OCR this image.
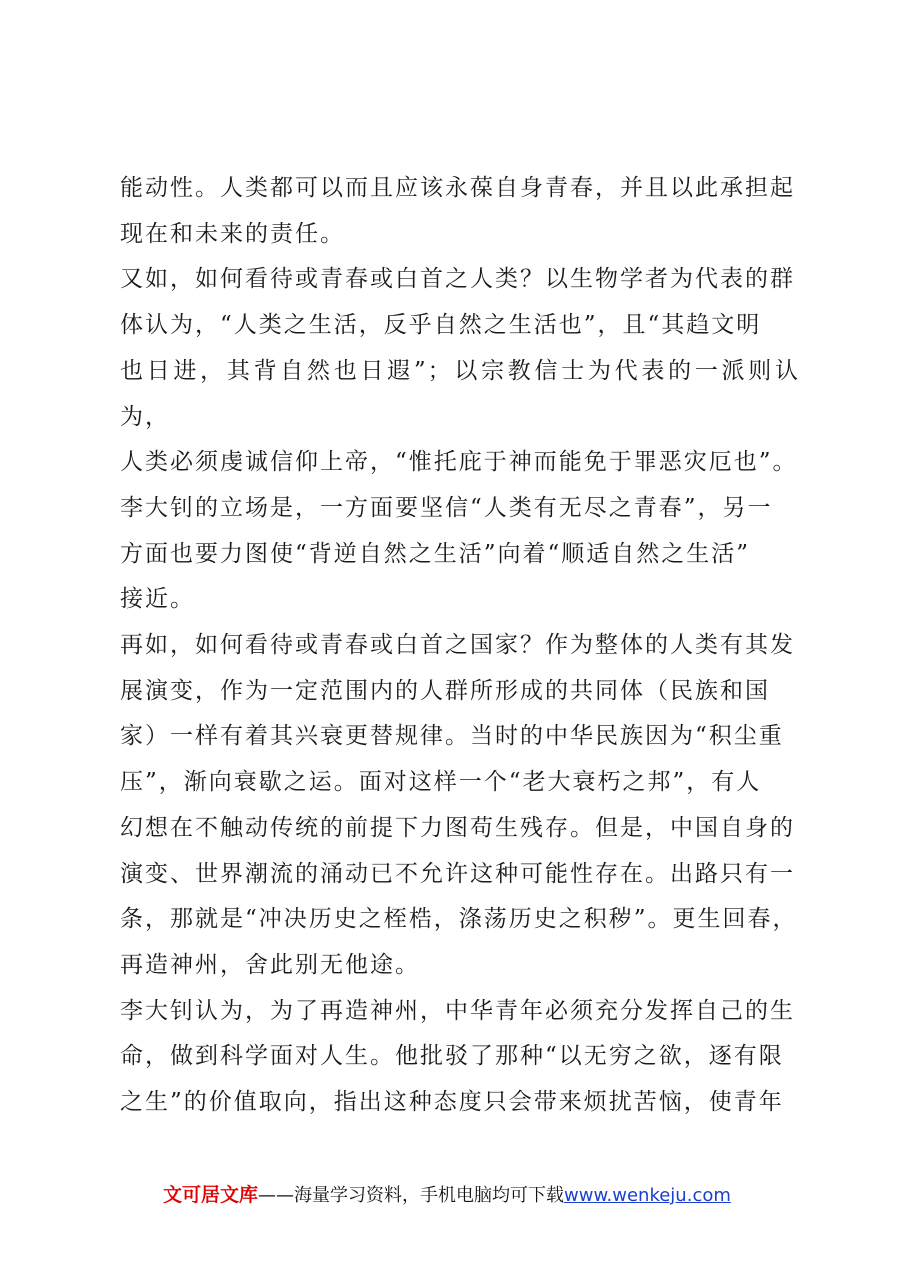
能动性。人类都可以而且应该永葆自身青春，并且以此承担起
现在和未来的责任。
又如，如何看待或青春或白首之人类？以生物学者为代表的群
体认为，“人类之生活，反乎自然之生活也”，且“其趋文明
也日进，其背自然也日遐”；以宗教信士为代表的一派则认为，
人类必须虔诚信仰上帝，“惟托庇于神而能免于罪恶灾厄也”。
李大钊的立场是，一方面要坚信“人类有无尽之青春”，另一
方面也要力图使“背逆自然之生活”向着“顺适自然之生活”
接近。
再如，如何看待或青春或白首之国家？作为整体的人类有其发
展演变，作为一定范围内的人群所形成的共同体（民族和国
家）一样有着其兴衰更替规律。当时的中华民族因为“积尘重
压”，渐向衰歇之运。面对这样一个“老大衰朽之邦”，有人
幻想在不触动传统的前提下力图苟生残存。但是，中国自身的
演变、世界潮流的涌动已不允许这种可能性存在。出路只有一
条，那就是“冲决历史之桎梏，涤荡历史之积秽”。更生回春，
再造神州，舍此别无他途。
李大钊认为，为了再造神州，中华青年必须充分发挥自己的生
命，做到科学面对人生。他批驳了那种“以无穷之欲，逐有限
之生”的价值取向，指出这种态度只会带来烦扰苦恼，使青年
文可居文库——海量学习资料，手机电脑均可下载www.wenkeju.com
